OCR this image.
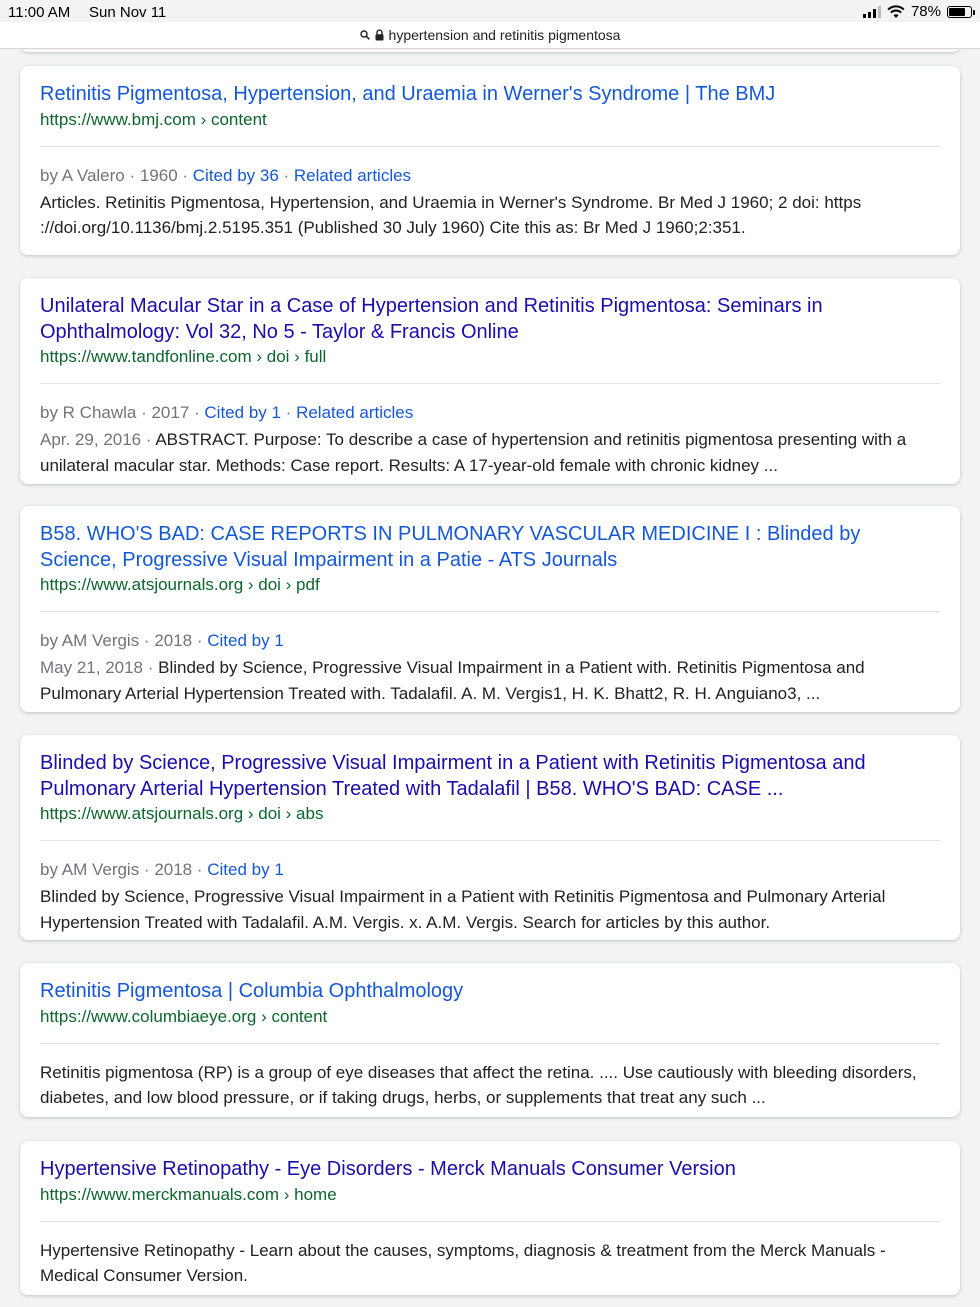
11:00 AM Sun Nov 11	78%
hypertension and retinitis pigmentosa
Retinitis Pigmentosa, Hypertension, and Uraemia in Werner's Syndrome | The BMJ
https://www.bmj.com › content
by A Valero · 1960 · Cited by 36 · Related articles
Articles. Retinitis Pigmentosa, Hypertension, and Uraemia in Werner's Syndrome. Br Med J 1960; 2 doi: https ://doi.org/10.1136/bmj.2.5195.351 (Published 30 July 1960) Cite this as: Br Med J 1960;2:351.
Unilateral Macular Star in a Case of Hypertension and Retinitis Pigmentosa: Seminars in Ophthalmology: Vol 32, No 5 - Taylor & Francis Online
https://www.tandfonline.com › doi › full
by R Chawla · 2017 · Cited by 1 · Related articles
Apr. 29, 2016 · ABSTRACT. Purpose: To describe a case of hypertension and retinitis pigmentosa presenting with a unilateral macular star. Methods: Case report. Results: A 17-year-old female with chronic kidney ...
B58. WHO'S BAD: CASE REPORTS IN PULMONARY VASCULAR MEDICINE I : Blinded by Science, Progressive Visual Impairment in a Patie - ATS Journals
https://www.atsjournals.org › doi › pdf
by AM Vergis · 2018 · Cited by 1
May 21, 2018 · Blinded by Science, Progressive Visual Impairment in a Patient with. Retinitis Pigmentosa and Pulmonary Arterial Hypertension Treated with. Tadalafil. A. M. Vergis1, H. K. Bhatt2, R. H. Anguiano3, ...
Blinded by Science, Progressive Visual Impairment in a Patient with Retinitis Pigmentosa and Pulmonary Arterial Hypertension Treated with Tadalafil | B58. WHO'S BAD: CASE ...
https://www.atsjournals.org › doi › abs
by AM Vergis · 2018 · Cited by 1
Blinded by Science, Progressive Visual Impairment in a Patient with Retinitis Pigmentosa and Pulmonary Arterial Hypertension Treated with Tadalafil. A.M. Vergis. x. A.M. Vergis. Search for articles by this author.
Retinitis Pigmentosa | Columbia Ophthalmology
https://www.columbiaeye.org › content
Retinitis pigmentosa (RP) is a group of eye diseases that affect the retina. .... Use cautiously with bleeding disorders, diabetes, and low blood pressure, or if taking drugs, herbs, or supplements that treat any such ...
Hypertensive Retinopathy - Eye Disorders - Merck Manuals Consumer Version
https://www.merckmanuals.com › home
Hypertensive Retinopathy - Learn about the causes, symptoms, diagnosis & treatment from the Merck Manuals - Medical Consumer Version.
